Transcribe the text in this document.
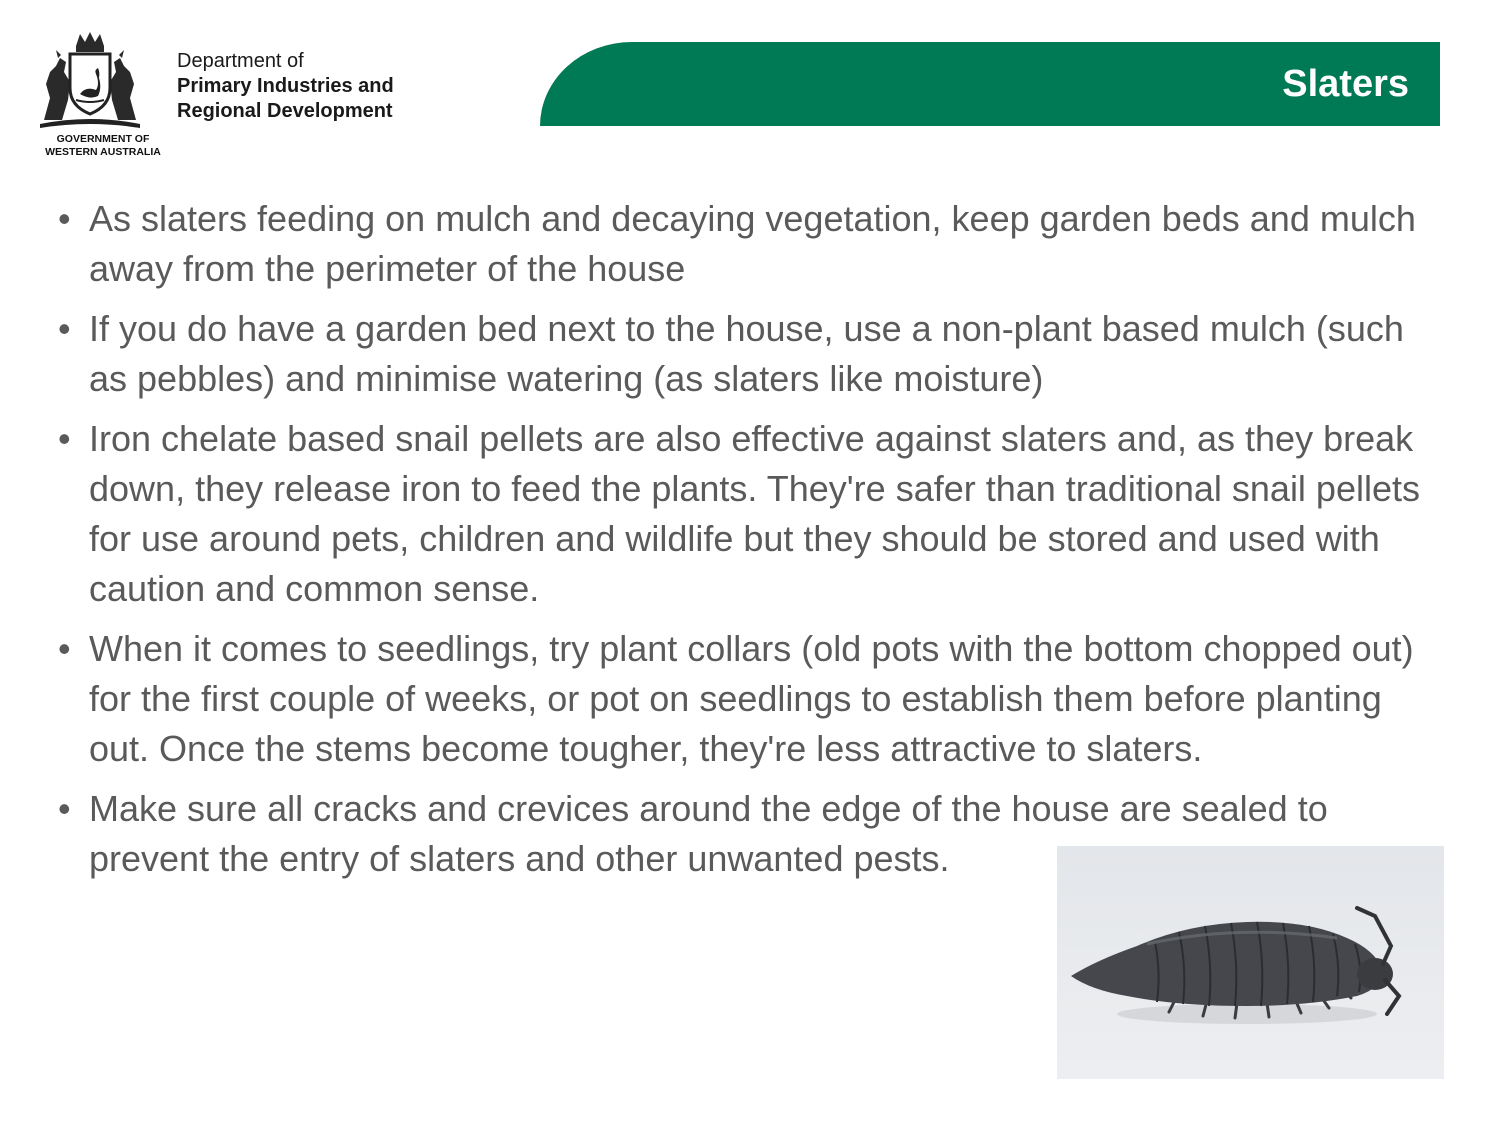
GOVERNMENT OF
WESTERN AUSTRALIA
Department of
Primary Industries and
Regional Development
Slaters
• As slaters feeding on mulch and decaying vegetation, keep garden beds and mulch away from the perimeter of the house
• If you do have a garden bed next to the house, use a non-plant based mulch (such as pebbles) and minimise watering (as slaters like moisture)
• Iron chelate based snail pellets are also effective against slaters and, as they break down, they release iron to feed the plants. They're safer than traditional snail pellets for use around pets, children and wildlife but they should be stored and used with caution and common sense.
• When it comes to seedlings, try plant collars (old pots with the bottom chopped out) for the first couple of weeks, or pot on seedlings to establish them before planting out. Once the stems become tougher, they're less attractive to slaters.
• Make sure all cracks and crevices around the edge of the house are sealed to prevent the entry of slaters and other unwanted pests.
